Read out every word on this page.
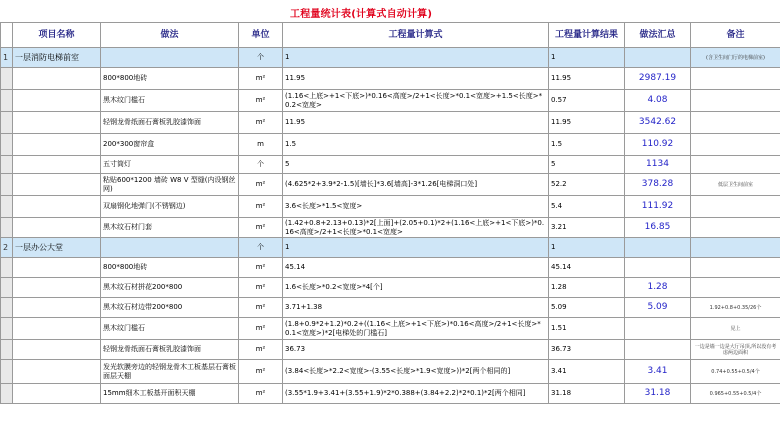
工程量统计表(计算式自动计算)
	项目名称	做法	单位	工程量计算式	工程量计算结果	做法汇总	备注
1	一层消防电梯前室		个	1	1		(含卫生间门厅的电梯前室)
		800*800地砖	m²	11.95	11.95	2987.19	
		黑木纹门槛石	m²	(1.16<上底>+1<下底>)*0.16<高度>/2+1<长度>*0.1<宽度>+1.5<长度>*0.2<宽度>	0.57	4.08	
		轻钢龙骨纸面石膏板乳胶漆饰面	m²	11.95	11.95	3542.62	
		200*300窗帘盒	m	1.5	1.5	110.92	
		五寸筒灯	个	5	5	1134	
		粘贴600*1200 墙砖 W8 V 型缝(内设钢丝网)	m²	(4.625*2+3.9*2-1.5)[墙长]*3.6[墙高]-3*1.26[电梯洞口处]	52.2	378.28	低层卫生间前室
		双扇钢化地弹门(不锈钢边)	m²	3.6<长度>*1.5<宽度>	5.4	111.92	
		黑木纹石材门套	m²	(1.42+0.8+2.13+0.13)*2[上面]+(2.05+0.1)*2+(1.16<上底>+1<下底>)*0.16<高度>/2+1<长度>*0.1<宽度>	3.21	16.85	
2	一层办公大堂		个	1	1		
		800*800地砖	m²	45.14	45.14		
		黑木纹石材拼花200*800	m²	1.6<长度>*0.2<宽度>*4[个]	1.28	1.28	
		黑木纹石材边带200*800	m²	3.71+1.38	5.09	5.09	1.92+0.8+0.35/26个
		黑木纹门槛石	m²	(1.8+0.9*2+1.2)*0.2+((1.16<上底>+1<下底>)*0.16<高度>/2+1<长度>*0.1<宽度>)*2[电梯处的门槛石]	1.51		见上
		轻钢龙骨纸面石膏板乳胶漆饰面	m²	36.73	36.73		一边是墙一边是大厅吊顶,所以没有考虑两边面积
		发光软膜旁边的轻钢龙骨木工板基层石膏板面层天棚	m²	(3.84<长度>*2.2<宽度>-(3.55<长度>*1.9<宽度>))*2[两个相同的]	3.41	3.41	0.74+0.55+0.5/4个
		15mm细木工板基开面积天棚	m²	(3.55*1.9+3.41+(3.55+1.9)*2*0.388+(3.84+2.2)*2*0.1)*2[两个相同]	31.18	31.18	0.965+0.55+0.5/4个
